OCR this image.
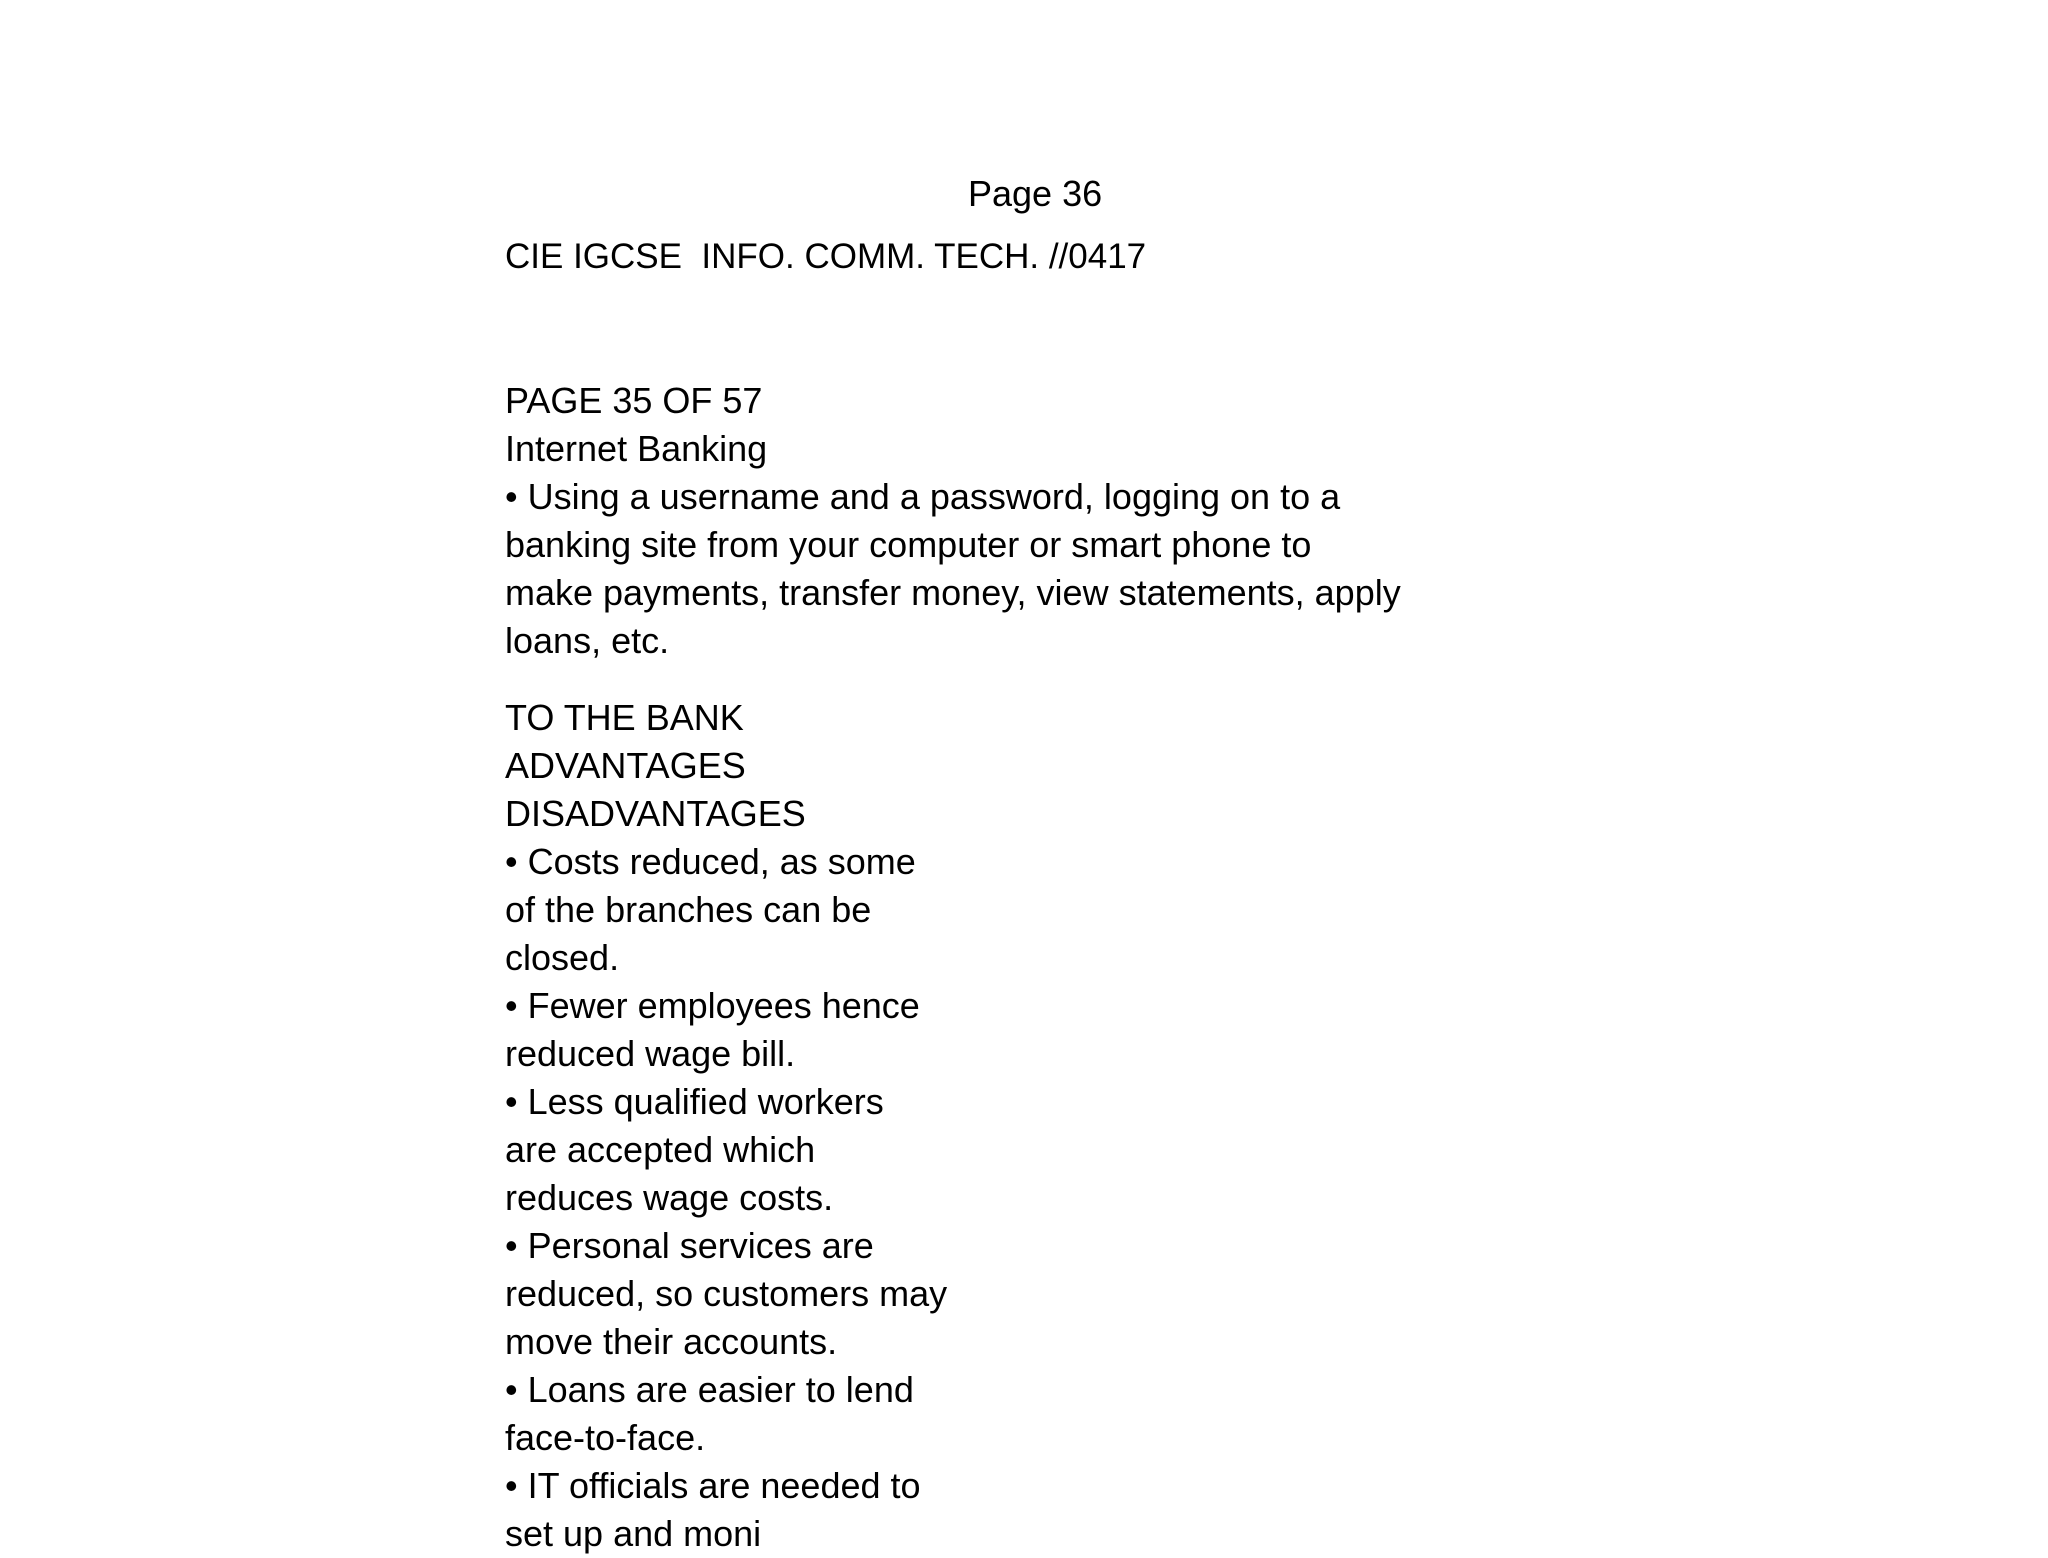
Page 36
CIE IGCSE  INFO. COMM. TECH. //0417
PAGE 35 OF 57
Internet Banking
• Using a username and a password, logging on to a
banking site from your computer or smart phone to
make payments, transfer money, view statements, apply
loans, etc.
TO THE BANK
ADVANTAGES
DISADVANTAGES
• Costs reduced, as some
of the branches can be
closed.
• Fewer employees hence
reduced wage bill.
• Less qualified workers
are accepted which
reduces wage costs.
• Personal services are
reduced, so customers may
move their accounts.
• Loans are easier to lend
face-to-face.
• IT officials are needed to
set up and moni
